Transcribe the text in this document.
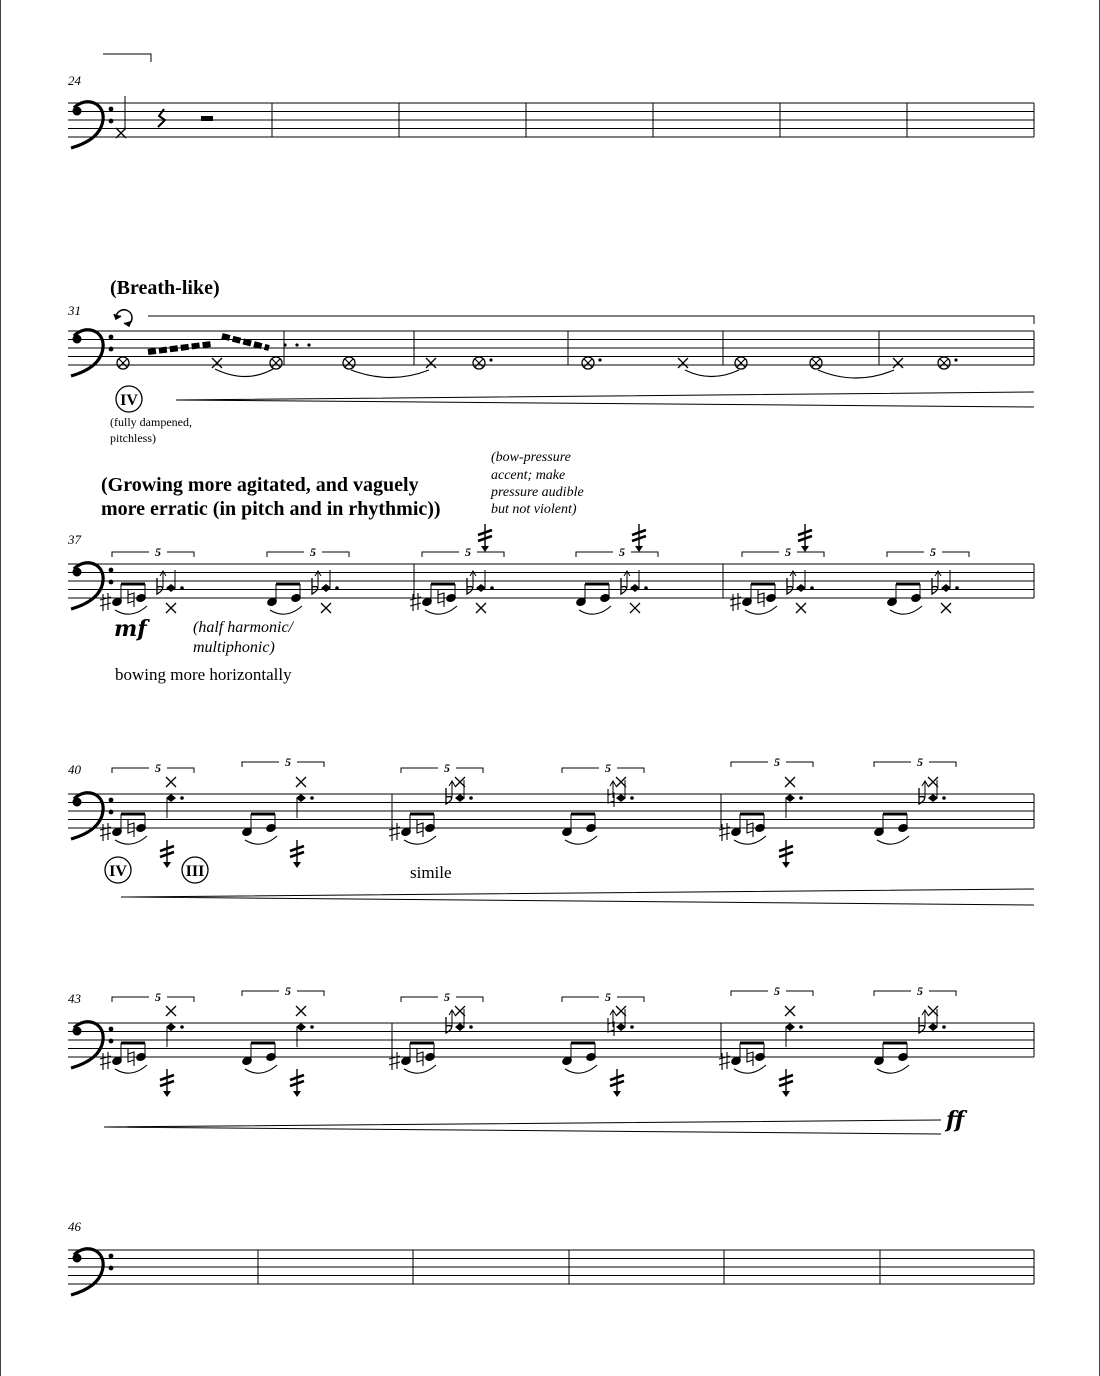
24
(Breath-like)
31
IV
(fully dampened,
pitchless)
(Growing more agitated, and vaguely
more erratic (in pitch and in rhythmic))
(bow-pressure
accent; make
pressure audible
but not violent)
37
5	5	5	5	5	5
mf	(half harmonic/
multiphonic)
bowing more horizontally
40	5	5	5	5	5	5
IV	III	simile
43	5	5	5	5	5	5
ff
46
